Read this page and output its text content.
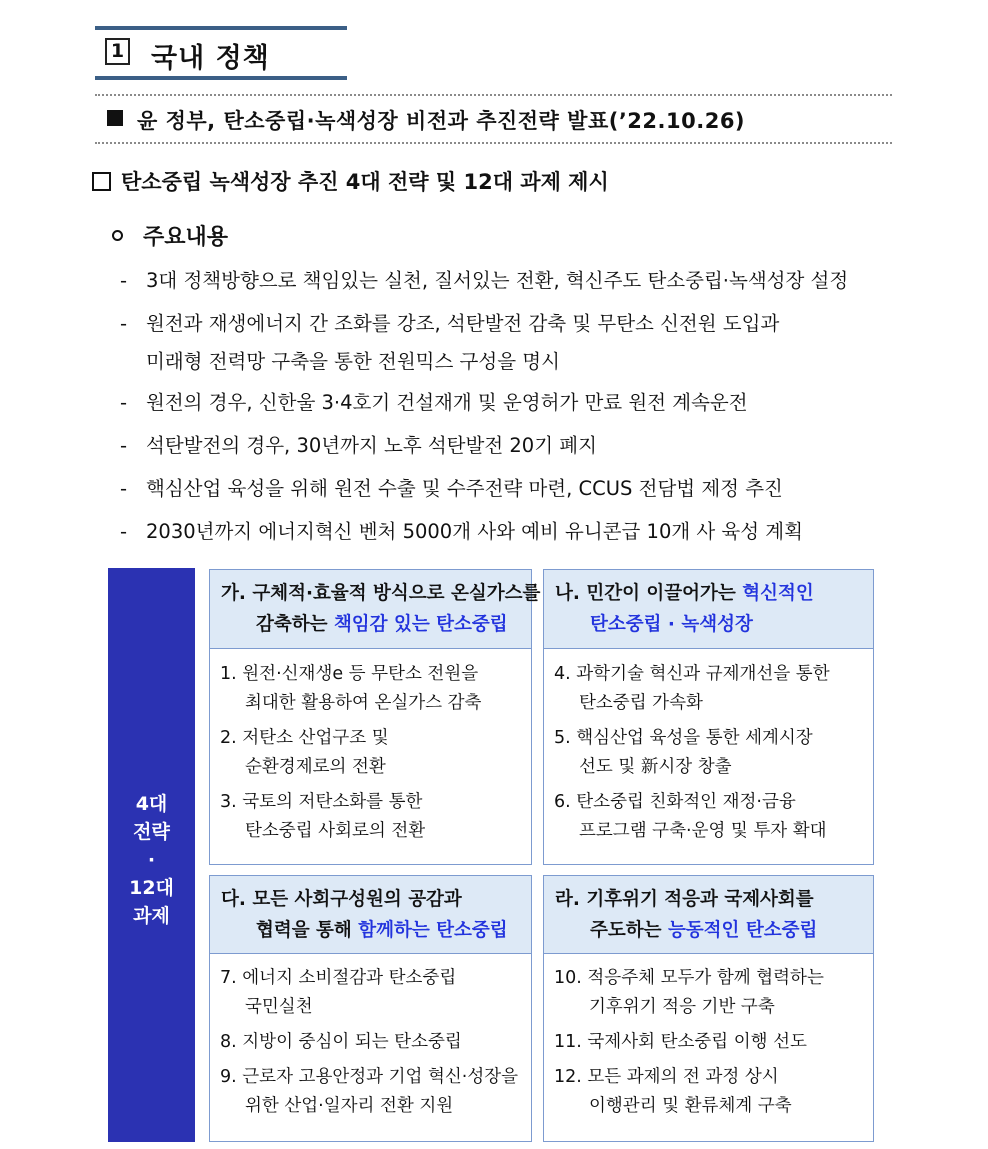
1 국내 정책
윤 정부, 탄소중립·녹색성장 비전과 추진전략 발표(’22.10.26)
탄소중립 녹색성장 추진 4대 전략 및 12대 과제 제시
주요내용
- 3대 정책방향으로 책임있는 실천, 질서있는 전환, 혁신주도 탄소중립·녹색성장 설정
- 원전과 재생에너지 간 조화를 강조, 석탄발전 감축 및 무탄소 신전원 도입과
미래형 전력망 구축을 통한 전원믹스 구성을 명시
- 원전의 경우, 신한울 3·4호기 건설재개 및 운영허가 만료 원전 계속운전
- 석탄발전의 경우, 30년까지 노후 석탄발전 20기 폐지
- 핵심산업 육성을 위해 원전 수출 및 수주전략 마련, CCUS 전담법 제정 추진
- 2030년까지 에너지혁신 벤처 5000개 사와 예비 유니콘급 10개 사 육성 계획
4대
전략
·
12대
과제
가. 구체적·효율적 방식으로 온실가스를
감축하는 책임감 있는 탄소중립
1. 원전·신재생e 등 무탄소 전원을
최대한 활용하여 온실가스 감축
2. 저탄소 산업구조 및
순환경제로의 전환
3. 국토의 저탄소화를 통한
탄소중립 사회로의 전환
나. 민간이 이끌어가는 혁신적인
탄소중립 · 녹색성장
4. 과학기술 혁신과 규제개선을 통한
탄소중립 가속화
5. 핵심산업 육성을 통한 세계시장
선도 및 新시장 창출
6. 탄소중립 친화적인 재정·금융
프로그램 구축·운영 및 투자 확대
다. 모든 사회구성원의 공감과
협력을 통해 함께하는 탄소중립
7. 에너지 소비절감과 탄소중립
국민실천
8. 지방이 중심이 되는 탄소중립
9. 근로자 고용안정과 기업 혁신·성장을
위한 산업·일자리 전환 지원
라. 기후위기 적응과 국제사회를
주도하는 능동적인 탄소중립
10. 적응주체 모두가 함께 협력하는
기후위기 적응 기반 구축
11. 국제사회 탄소중립 이행 선도
12. 모든 과제의 전 과정 상시
이행관리 및 환류체계 구축
